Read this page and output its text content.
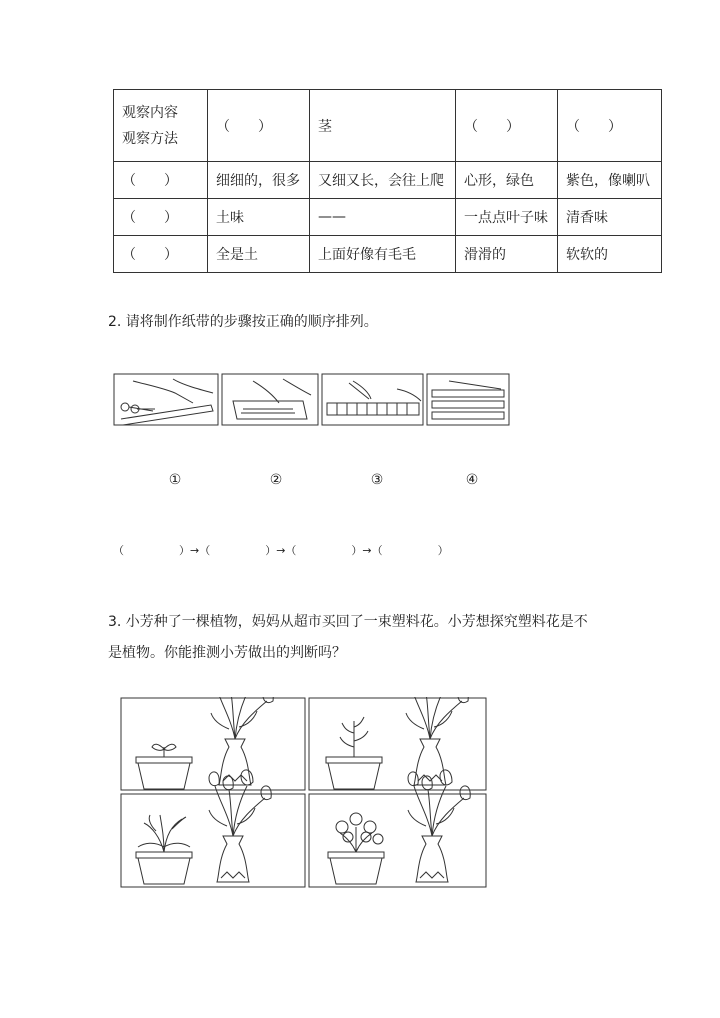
观察内容
观察方法	（　　）	茎	（　　）	（　　）
（　　）	细细的，很多	又细又长，会往上爬	心形，绿色	紫色，像喇叭
（　　）	土味	——	一点点叶子味	清香味
（　　）	全是土	上面好像有毛毛	滑滑的	软软的
2. 请将制作纸带的步骤按正确的顺序排列。
①	②	③	④
（　　　　　）→（　　　　　）→（　　　　　）→（　　　　　）
3. 小芳种了一棵植物，妈妈从超市买回了一束塑料花。小芳想探究塑料花是不
是植物。你能推测小芳做出的判断吗？
